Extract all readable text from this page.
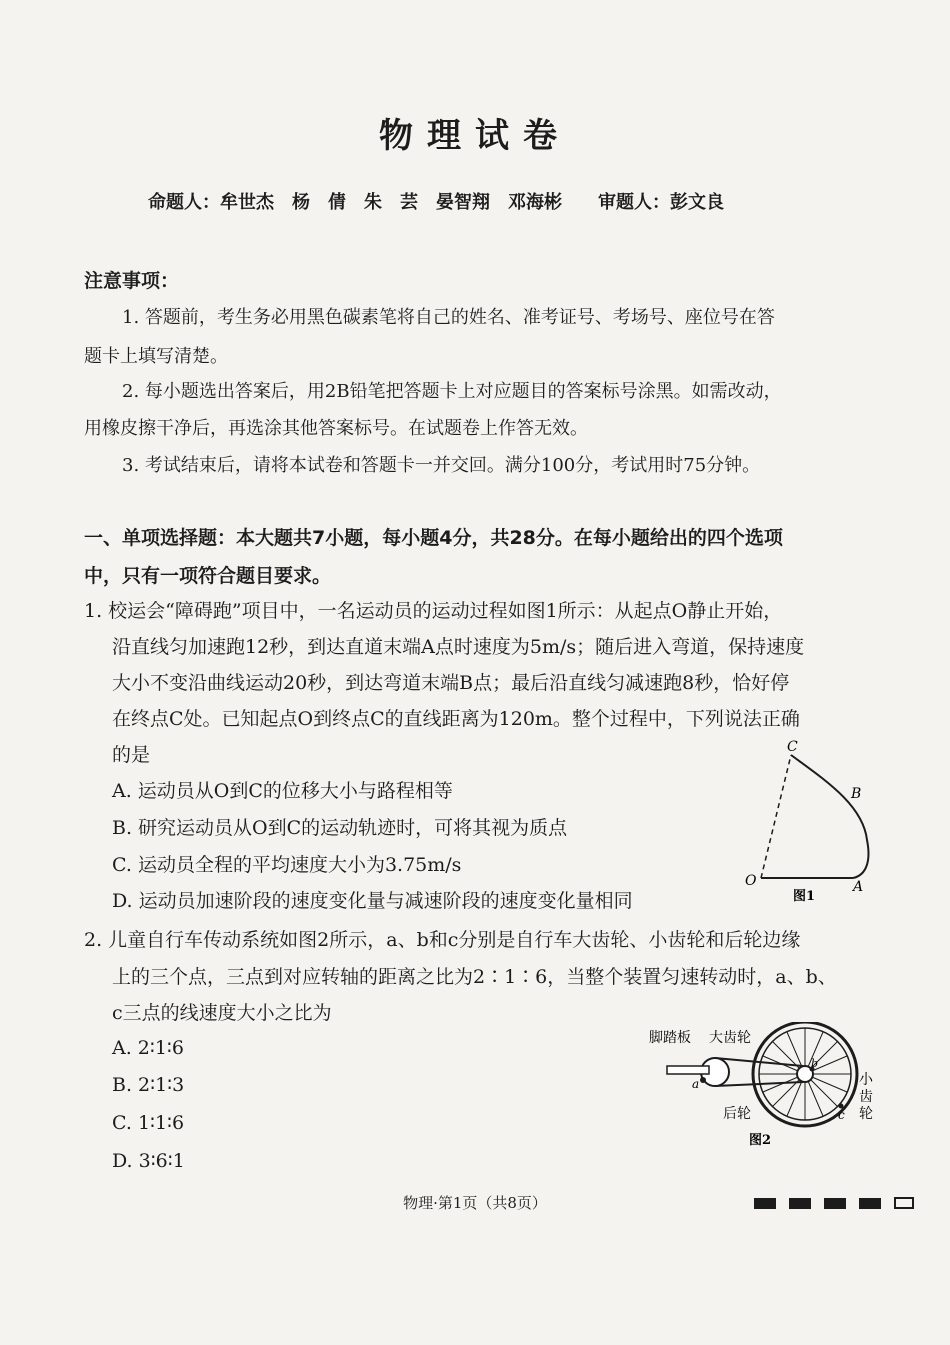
物理试卷
命题人：牟世杰　杨　倩　朱　芸　晏智翔　邓海彬 审题人：彭文良
注意事项：
1. 答题前，考生务必用黑色碳素笔将自己的姓名、准考证号、考场号、座位号在答
题卡上填写清楚。
2. 每小题选出答案后，用2B铅笔把答题卡上对应题目的答案标号涂黑。如需改动，
用橡皮擦干净后，再选涂其他答案标号。在试题卷上作答无效。
3. 考试结束后，请将本试卷和答题卡一并交回。满分100分，考试用时75分钟。
一、单项选择题：本大题共7小题，每小题4分，共28分。在每小题给出的四个选项
中，只有一项符合题目要求。
1. 校运会“障碍跑”项目中，一名运动员的运动过程如图1所示：从起点O静止开始，
沿直线匀加速跑12秒，到达直道末端A点时速度为5m/s；随后进入弯道，保持速度
大小不变沿曲线运动20秒，到达弯道末端B点；最后沿直线匀减速跑8秒，恰好停
在终点C处。已知起点O到终点C的直线距离为120m。整个过程中，下列说法正确
的是
A. 运动员从O到C的位移大小与路程相等
B. 研究运动员从O到C的运动轨迹时，可将其视为质点
C. 运动员全程的平均速度大小为3.75m/s
D. 运动员加速阶段的速度变化量与减速阶段的速度变化量相同
C
B
O	A
图1
2. 儿童自行车传动系统如图2所示，a、b和c分别是自行车大齿轮、小齿轮和后轮边缘
上的三个点，三点到对应转轴的距离之比为2∶1∶6，当整个装置匀速转动时，a、b、
c三点的线速度大小之比为
A. 2∶1∶6
B. 2∶1∶3
C. 1∶1∶6
D. 3∶6∶1
脚踏板 大齿轮
后轮
a
b
c
小
齿
轮
图2
物理·第1页（共8页）
